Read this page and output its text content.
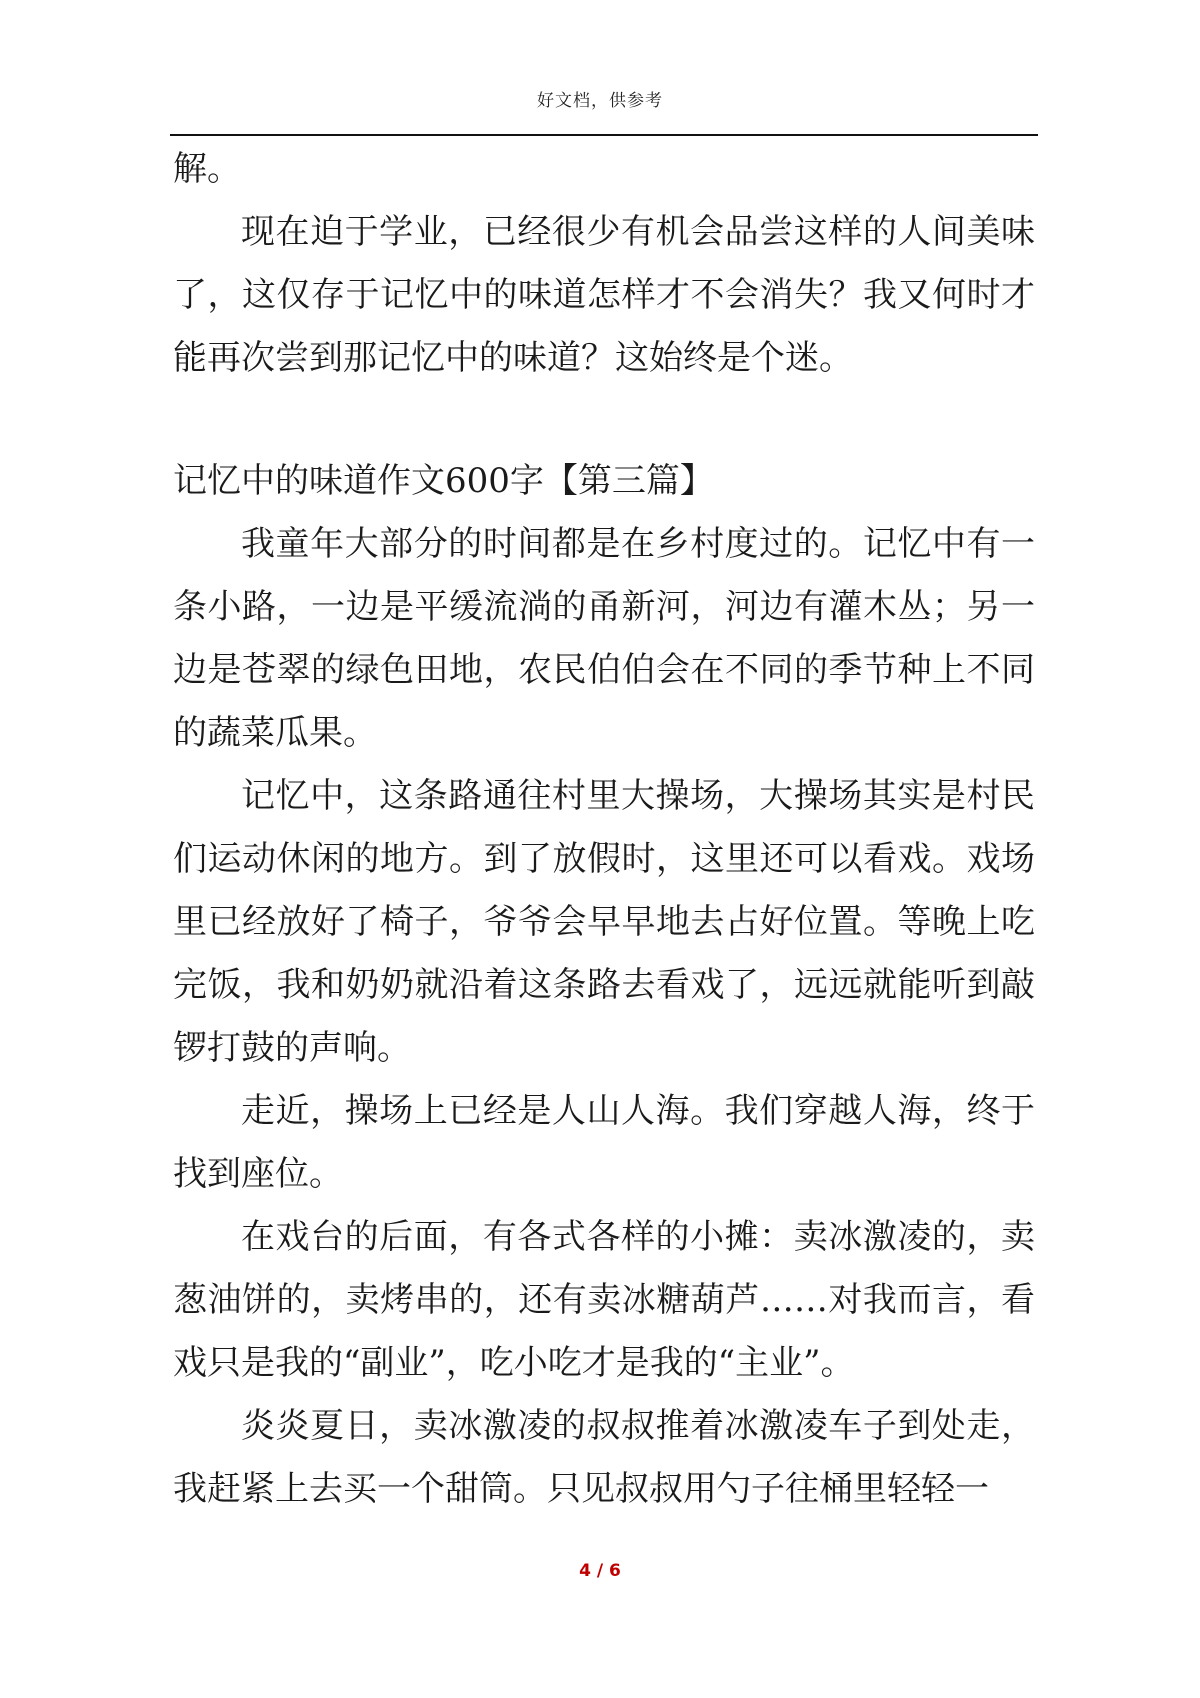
好文档，供参考

解。

现在迫于学业，已经很少有机会品尝这样的人间美味了，这仅存于记忆中的味道怎样才不会消失？我又何时才能再次尝到那记忆中的味道？这始终是个迷。

记忆中的味道作文600字【第三篇】

我童年大部分的时间都是在乡村度过的。记忆中有一条小路，一边是平缓流淌的甬新河，河边有灌木丛；另一边是苍翠的绿色田地，农民伯伯会在不同的季节种上不同的蔬菜瓜果。

记忆中，这条路通往村里大操场，大操场其实是村民们运动休闲的地方。到了放假时，这里还可以看戏。戏场里已经放好了椅子，爷爷会早早地去占好位置。等晚上吃完饭，我和奶奶就沿着这条路去看戏了，远远就能听到敲锣打鼓的声响。

走近，操场上已经是人山人海。我们穿越人海，终于找到座位。

在戏台的后面，有各式各样的小摊：卖冰激凌的，卖葱油饼的，卖烤串的，还有卖冰糖葫芦……对我而言，看戏只是我的“副业”，吃小吃才是我的“主业”。

炎炎夏日，卖冰激凌的叔叔推着冰激凌车子到处走，我赶紧上去买一个甜筒。只见叔叔用勺子往桶里轻轻一

4 / 6
